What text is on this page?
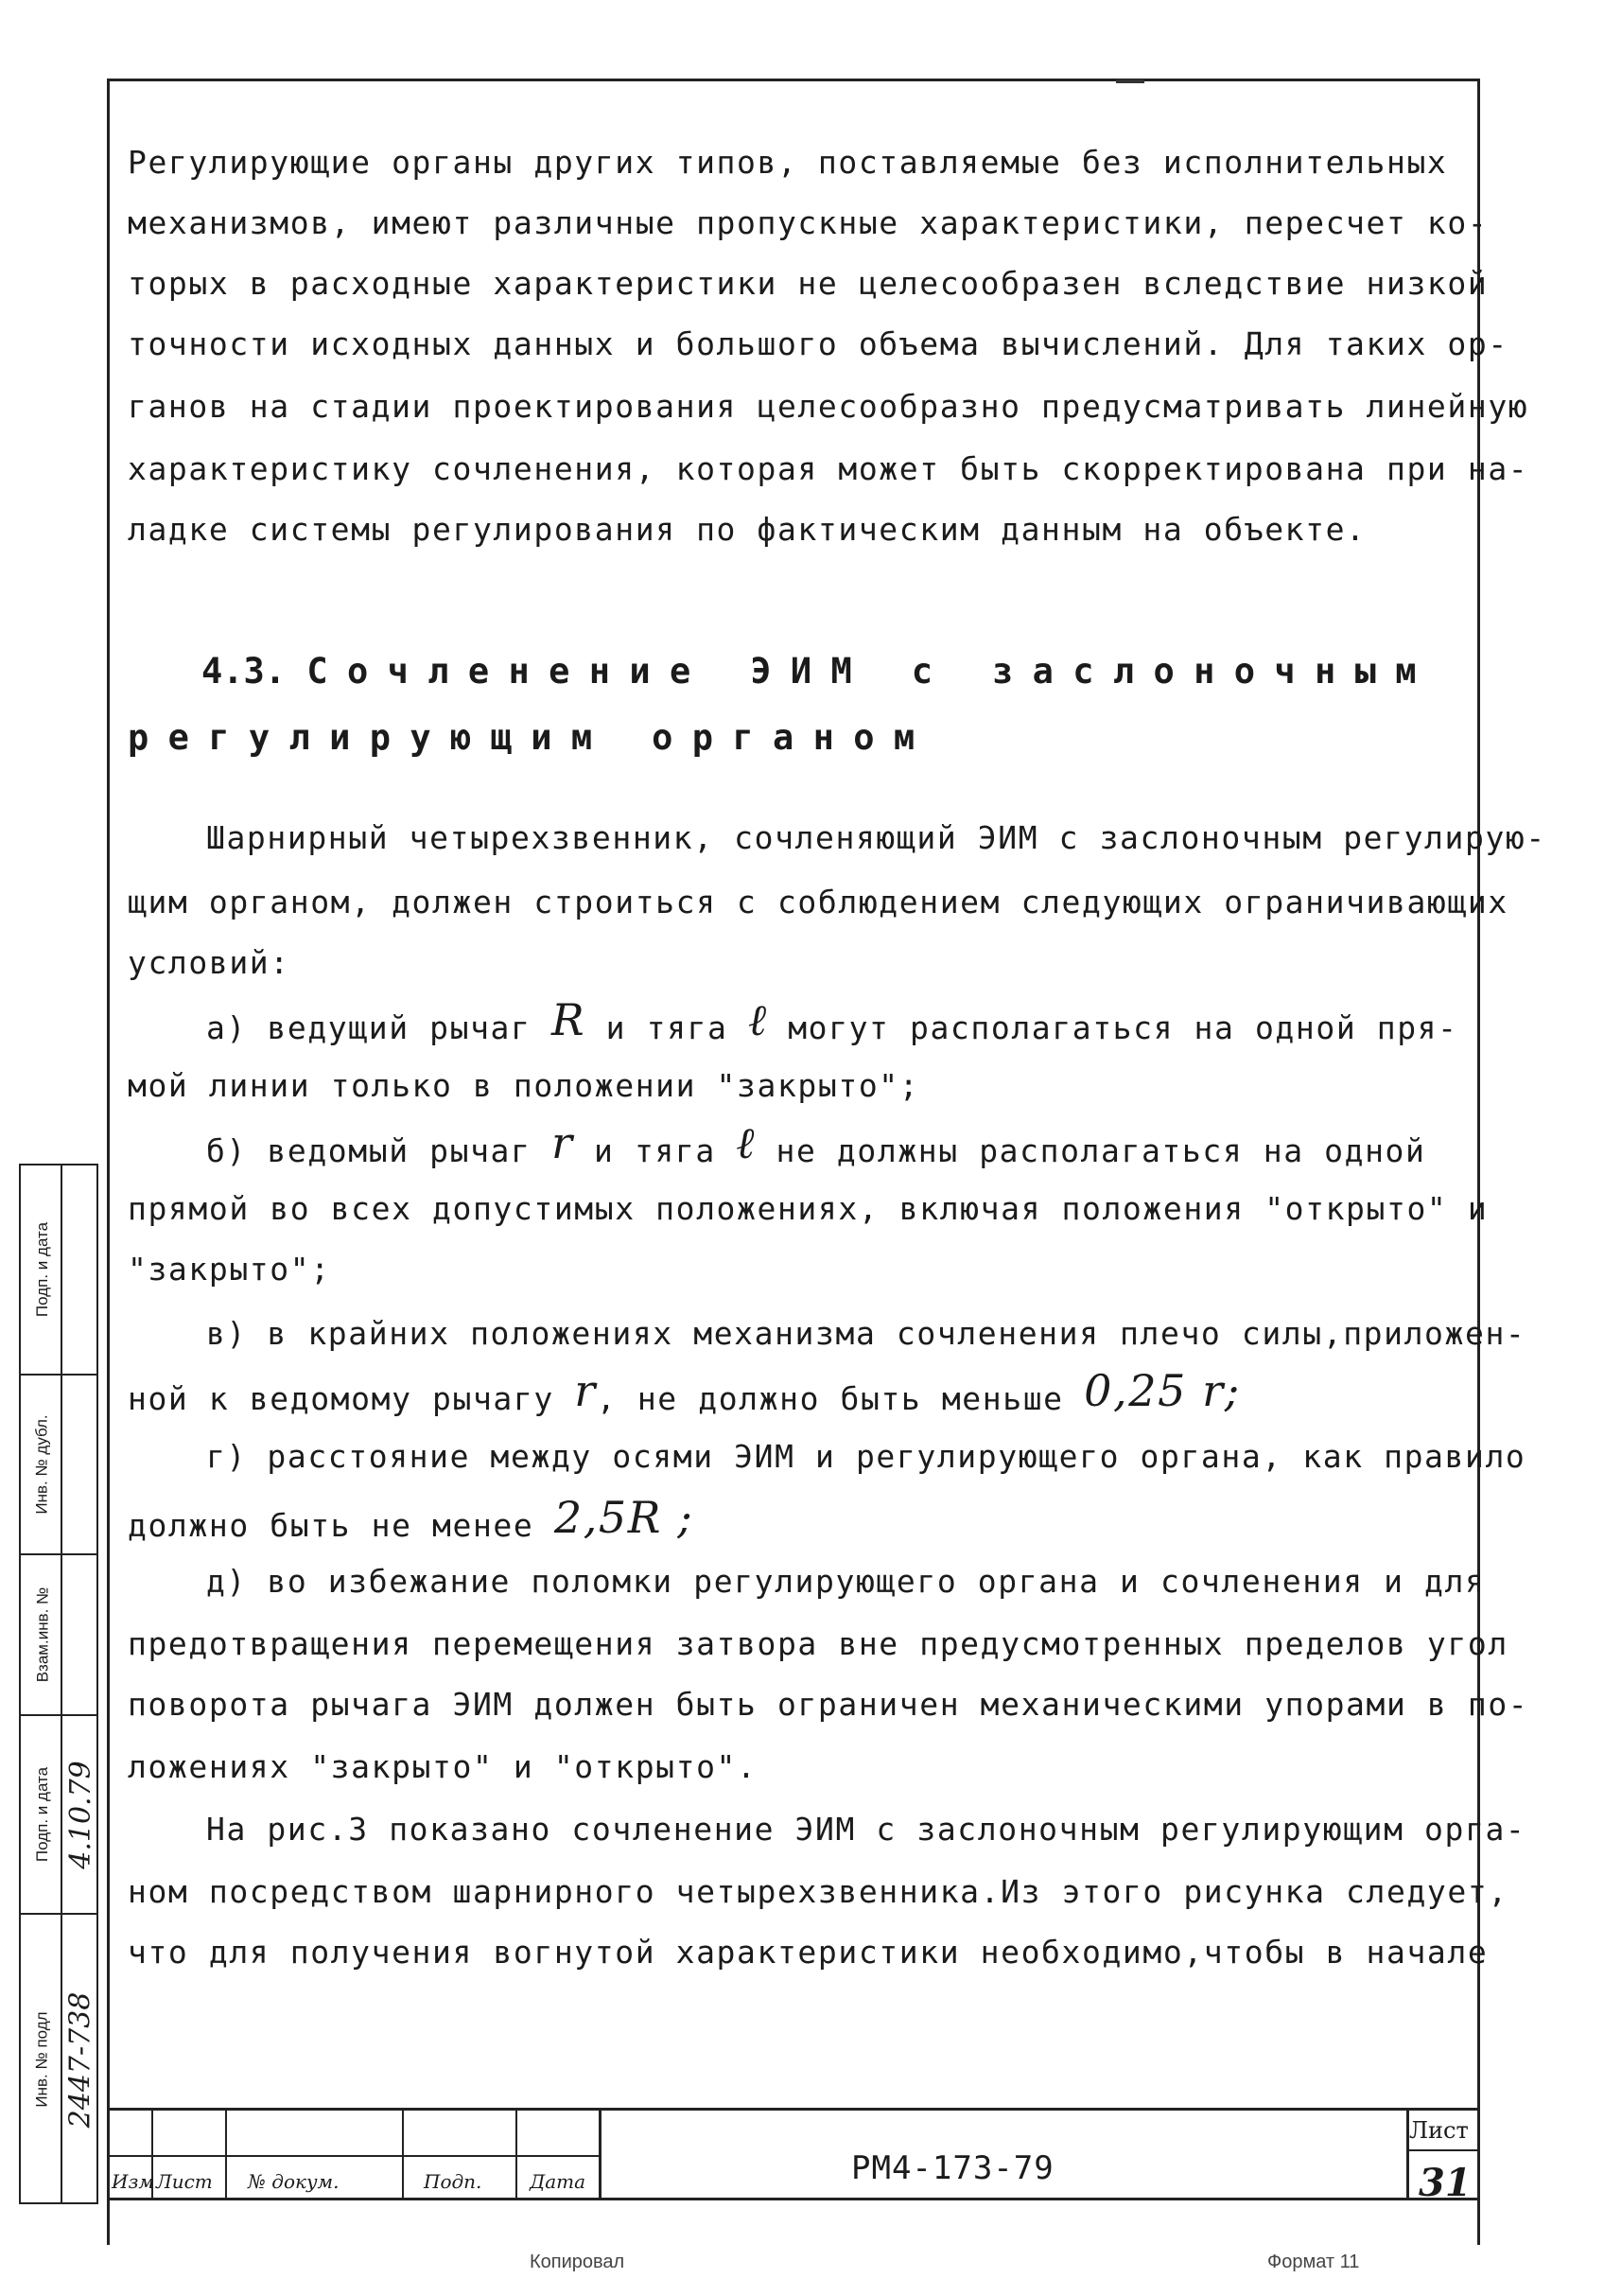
Регулирующие органы других типов, поставляемые без исполнительных
механизмов, имеют различные пропускные характеристики, пересчет ко-
торых в расходные характеристики не целесообразен вследствие низкой
точности исходных данных и большого объема вычислений. Для таких ор-
ганов на стадии проектирования целесообразно предусматривать линейную
характеристику сочленения, которая может быть скорректирована при на-
ладке системы регулирования по фактическим данным на объекте.
4.3. Сочленение ЭИМ с заслоночным
регулирующим органом
Шарнирный четырехзвенник, сочленяющий ЭИМ с заслоночным регулирую-
щим органом, должен строиться с соблюдением следующих ограничивающих
условий:
а) ведущий рычаг R и тяга ℓ могут располагаться на одной пря-
мой линии только в положении "закрыто";
б) ведомый рычаг r и тяга ℓ не должны располагаться на одной
прямой во всех допустимых положениях, включая положения "открыто" и
"закрыто";
в) в крайних положениях механизма сочленения плечо силы,приложен-
ной к ведомому рычагу r, не должно быть меньше 0,25 r;
г) расстояние между осями ЭИМ и регулирующего органа, как правило
должно быть не менее 2,5R ;
д) во избежание поломки регулирующего органа и сочленения и для
предотвращения перемещения затвора вне предусмотренных пределов угол
поворота рычага ЭИМ должен быть ограничен механическими упорами в по-
ложениях "закрыто" и "открыто".
На рис.3 показано сочленение ЭИМ с заслоночным регулирующим орга-
ном посредством шарнирного четырехзвенника.Из этого рисунка следует,
что для получения вогнутой характеристики необходимо,чтобы в начале
Подп. и дата
Инв. № дубл.
Взам.инв. №
Подп. и дата
Инв. № подл
4.10.79
2447-738
Изм Лист № докум.	Подп.	Дата	РМ4-173-79
Лист
31
Копировал	Формат 11
